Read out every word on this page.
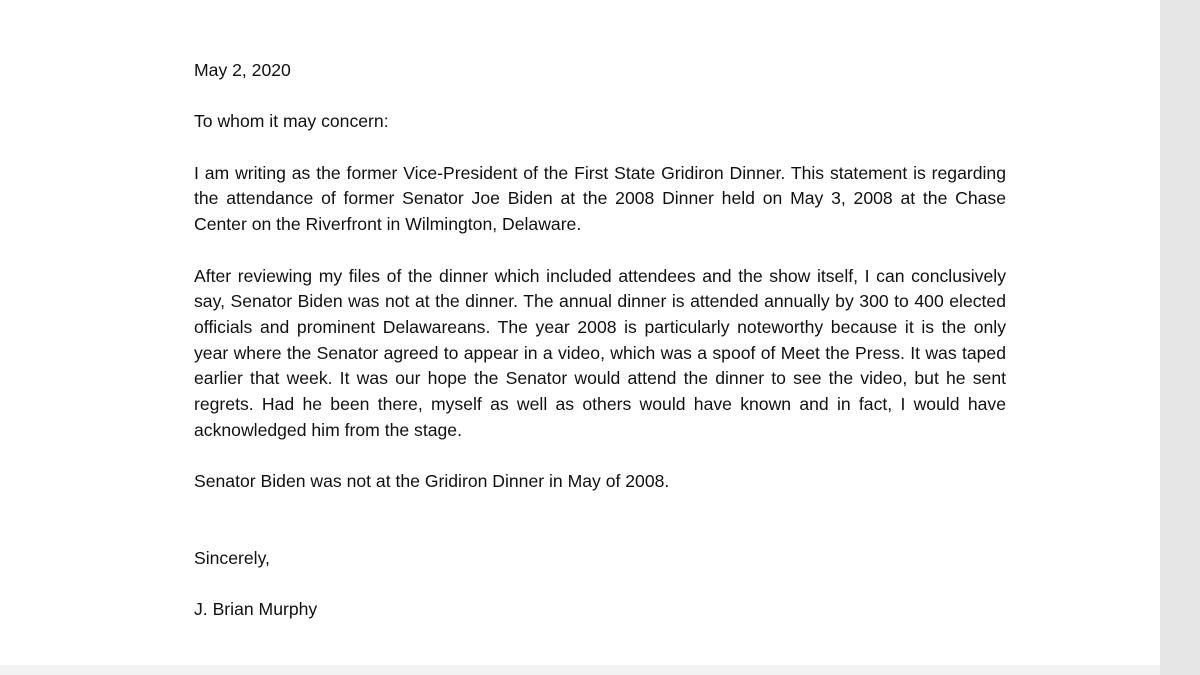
May 2, 2020

To whom it may concern:

I am writing as the former Vice-President of the First State Gridiron Dinner. This statement is regarding the attendance of former Senator Joe Biden at the 2008 Dinner held on May 3, 2008 at the Chase Center on the Riverfront in Wilmington, Delaware.

After reviewing my files of the dinner which included attendees and the show itself, I can conclusively say, Senator Biden was not at the dinner. The annual dinner is attended annually by 300 to 400 elected officials and prominent Delawareans. The year 2008 is particularly noteworthy because it is the only year where the Senator agreed to appear in a video, which was a spoof of Meet the Press. It was taped earlier that week. It was our hope the Senator would attend the dinner to see the video, but he sent regrets. Had he been there, myself as well as others would have known and in fact, I would have acknowledged him from the stage.

Senator Biden was not at the Gridiron Dinner in May of 2008.

Sincerely,

J. Brian Murphy
